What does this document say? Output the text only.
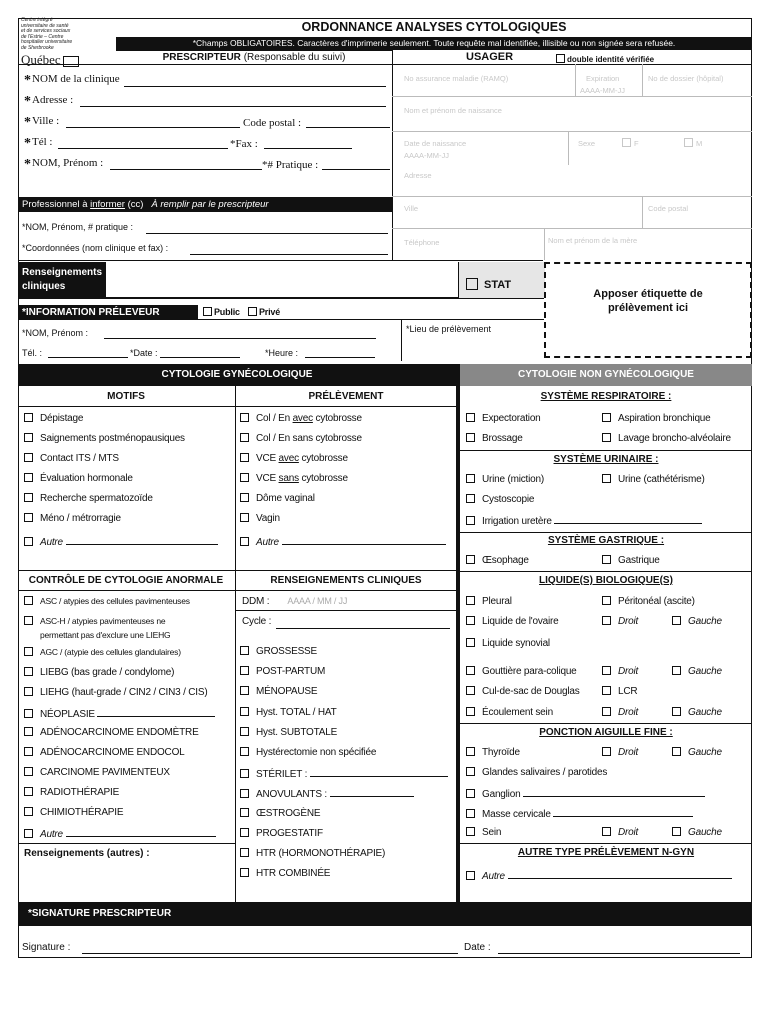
Centre intégré
universitaire de santé
et de services sociaux
de l'Estrie – Centre
hospitalier universitaire
de Sherbrooke
Québec
ORDONNANCE ANALYSES CYTOLOGIQUES
*Champs OBLIGATOIRES. Caractères d'imprimerie seulement. Toute requête mal identifiée, illisible ou non signée sera refusée.
PRESCRIPTEUR (Responsable du suivi)	USAGER	double identité vérifiée
*NOM de la clinique
*Adresse :
*Ville :	Code postal :
*Tél :	*Fax :
*NOM, Prénom :	*# Pratique :
No assurance maladie (RAMQ)	Expiration
AAAA-MM-JJ
No de dossier (hôpital)
Nom et prénom de naissance
Date de naissance
AAAA-MM-JJ
Sexe	F	M
Adresse
Ville	Code postal
Téléphone	Nom et prénom de la mère
Professionnel à informer (cc) À remplir par le prescripteur
*NOM, Prénom, # pratique :
*Coordonnées (nom clinique et fax) :
Renseignements cliniques	STAT
Apposer étiquette de prélèvement ici
*INFORMATION PRÉLEVEUR	Public	Privé
*NOM, Prénom :	*Lieu de prélèvement
Tél. :	*Date :	*Heure :
CYTOLOGIE GYNÉCOLOGIQUE	CYTOLOGIE NON GYNÉCOLOGIQUE
MOTIFS	PRÉLÈVEMENT
Dépistage
Saignements postménopausiques
Contact ITS / MTS
Évaluation hormonale
Recherche spermatozoïde
Méno / métrorragie
Autre
Col / En avec cytobrosse
Col / En sans cytobrosse
VCE avec cytobrosse
VCE sans cytobrosse
Dôme vaginal
Vagin
Autre
CONTRÔLE DE CYTOLOGIE ANORMALE	RENSEIGNEMENTS CLINIQUES
ASC / atypies des cellules pavimenteuses
ASC-H / atypies pavimenteuses ne
permettant pas d'exclure une LIEHG
AGC / (atypie des cellules glandulaires)
LIEBG (bas grade / condylome)
LIEHG (haut-grade / CIN2 / CIN3 / CIS)
NÉOPLASIE
ADÉNOCARCINOME ENDOMÈTRE
ADÉNOCARCINOME ENDOCOL
CARCINOME PAVIMENTEUX
RADIOTHÉRAPIE
CHIMIOTHÉRAPIE
Autre
Renseignements (autres) :
DDM : AAAA / MM / JJ
Cycle :
GROSSESSE
POST-PARTUM
MÉNOPAUSE
Hyst. TOTAL / HAT
Hyst. SUBTOTALE
Hystérectomie non spécifiée
STÉRILET :
ANOVULANTS :
ŒSTROGÈNE
PROGESTATIF
HTR (HORMONOTHÉRAPIE)
HTR COMBINÉE
SYSTÈME RESPIRATOIRE :
Expectoration	Aspiration bronchique
Brossage	Lavage broncho-alvéolaire
SYSTÈME URINAIRE :
Urine (miction)	Urine (cathétérisme)
Cystoscopie
Irrigation uretère
SYSTÈME GASTRIQUE :
Œsophage	Gastrique
LIQUIDE(S) BIOLOGIQUE(S)
Pleural	Péritonéal (ascite)
Liquide de l'ovaire	Droit	Gauche
Liquide synovial
Gouttière para-colique	Droit	Gauche
Cul-de-sac de Douglas	LCR
Écoulement sein	Droit	Gauche
PONCTION AIGUILLE FINE :
Thyroïde	Droit	Gauche
Glandes salivaires / parotides
Ganglion
Masse cervicale
Sein	Droit	Gauche
AUTRE TYPE PRÉLÈVEMENT N-GYN
Autre
*SIGNATURE PRESCRIPTEUR
Signature :	Date :
